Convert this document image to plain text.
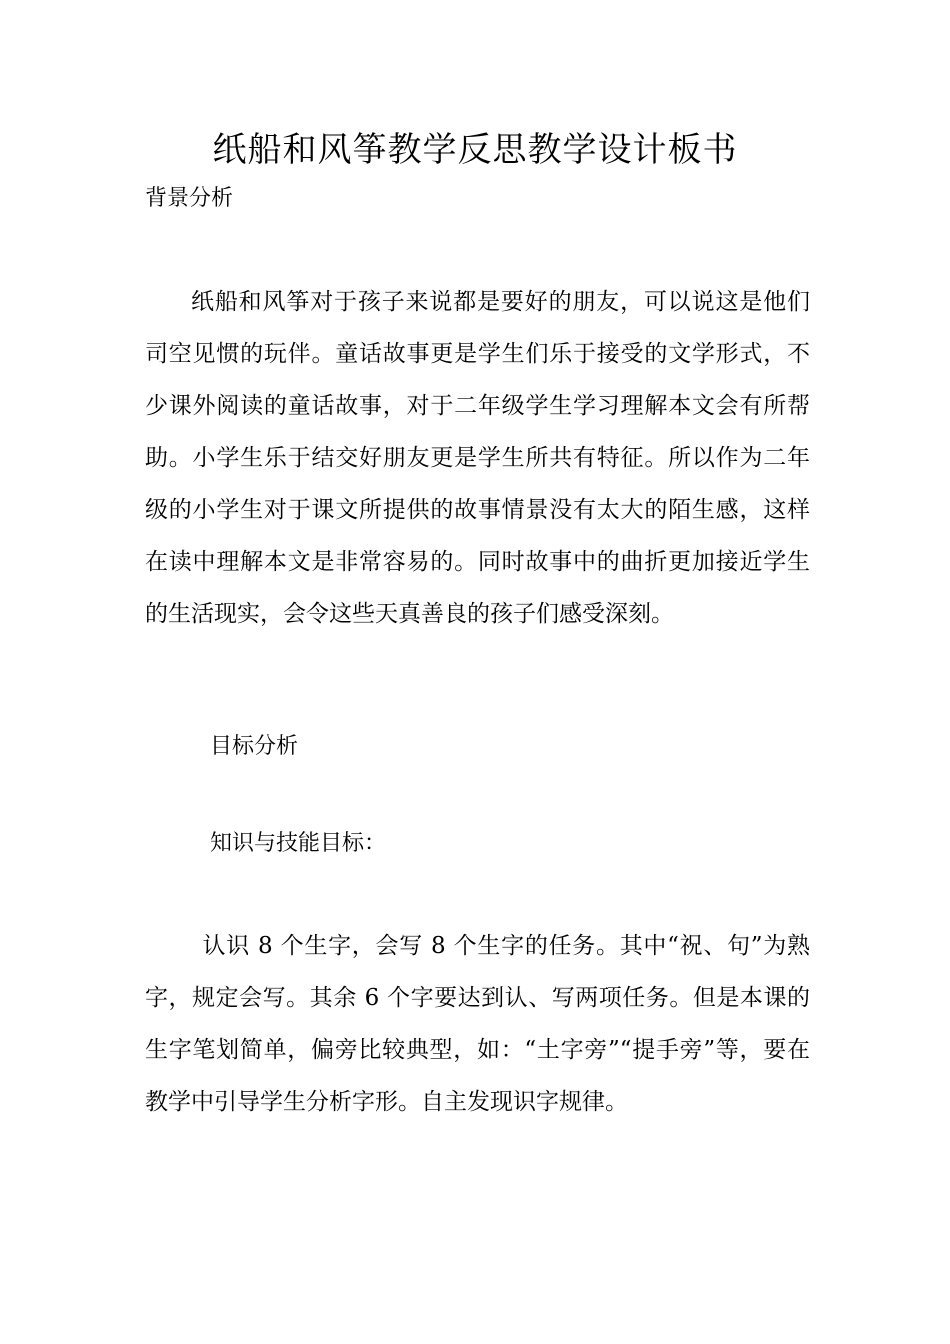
纸船和风筝教学反思教学设计板书

背景分析

纸船和风筝对于孩子来说都是要好的朋友，可以说这是他们司空见惯的玩伴。童话故事更是学生们乐于接受的文学形式，不少课外阅读的童话故事，对于二年级学生学习理解本文会有所帮助。小学生乐于结交好朋友更是学生所共有特征。所以作为二年级的小学生对于课文所提供的故事情景没有太大的陌生感，这样在读中理解本文是非常容易的。同时故事中的曲折更加接近学生的生活现实，会令这些天真善良的孩子们感受深刻。

目标分析

知识与技能目标：

认识 8 个生字，会写 8 个生字的任务。其中“祝、句”为熟字，规定会写。其余 6 个字要达到认、写两项任务。但是本课的生字笔划简单，偏旁比较典型，如：“土字旁”“提手旁”等，要在教学中引导学生分析字形。自主发现识字规律。
